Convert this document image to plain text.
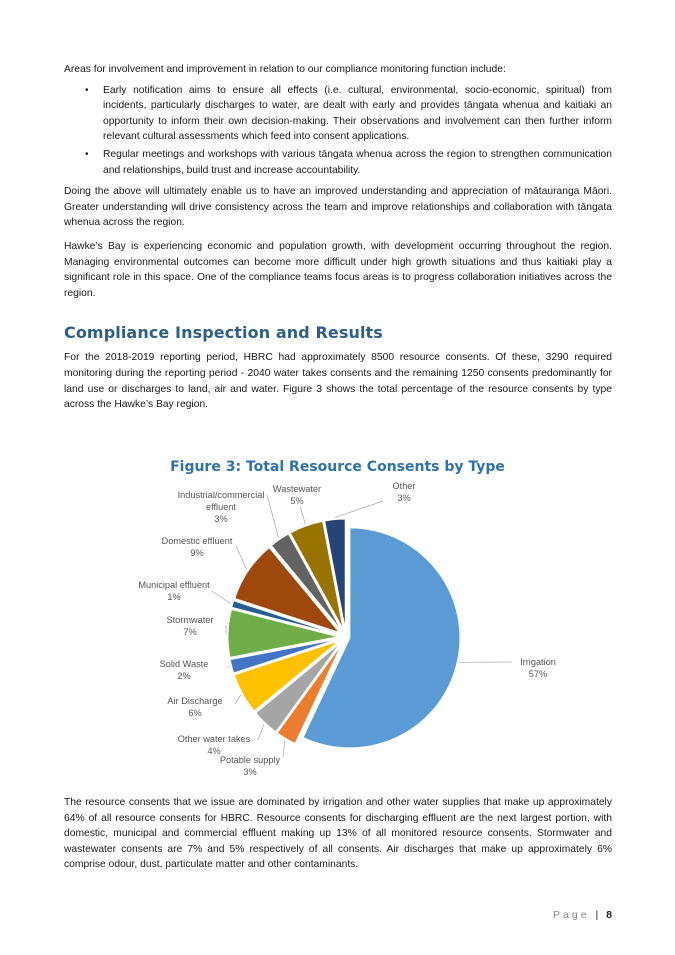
Areas for involvement and improvement in relation to our compliance monitoring function include:

• Early notification aims to ensure all effects (i.e. cultural, environmental, socio-economic, spiritual) from incidents, particularly discharges to water, are dealt with early and provides tāngata whenua and kaitiaki an opportunity to inform their own decision-making. Their observations and involvement can then further inform relevant cultural assessments which feed into consent applications.
• Regular meetings and workshops with various tāngata whenua across the region to strengthen communication and relationships, build trust and increase accountability.

Doing the above will ultimately enable us to have an improved understanding and appreciation of mātauranga Māori. Greater understanding will drive consistency across the team and improve relationships and collaboration with tāngata whenua across the region.

Hawke’s Bay is experiencing economic and population growth, with development occurring throughout the region. Managing environmental outcomes can become more difficult under high growth situations and thus kaitiaki play a significant role in this space. One of the compliance teams focus areas is to progress collaboration initiatives across the region.

Compliance Inspection and Results

For the 2018-2019 reporting period, HBRC had approximately 8500 resource consents. Of these, 3290 required monitoring during the reporting period - 2040 water takes consents and the remaining 1250 consents predominantly for land use or discharges to land, air and water. Figure 3 shows the total percentage of the resource consents by type across the Hawke’s Bay region.

Figure 3: Total Resource Consents by Type
Irrigation 57%
Potable supply 3%
Other water takes 4%
Air Discharge 6%
Solid Waste 2%
Stormwater 7%
Municipal effluent 1%
Domestic effluent 9%
Industrial/commercial effluent 3%
Wastewater 5%
Other 3%

The resource consents that we issue are dominated by irrigation and other water supplies that make up approximately 64% of all resource consents for HBRC. Resource consents for discharging effluent are the next largest portion, with domestic, municipal and commercial effluent making up 13% of all monitored resource consents. Stormwater and wastewater consents are 7% and 5% respectively of all consents. Air discharges that make up approximately 6% comprise odour, dust, particulate matter and other contaminants.

Page | 8
